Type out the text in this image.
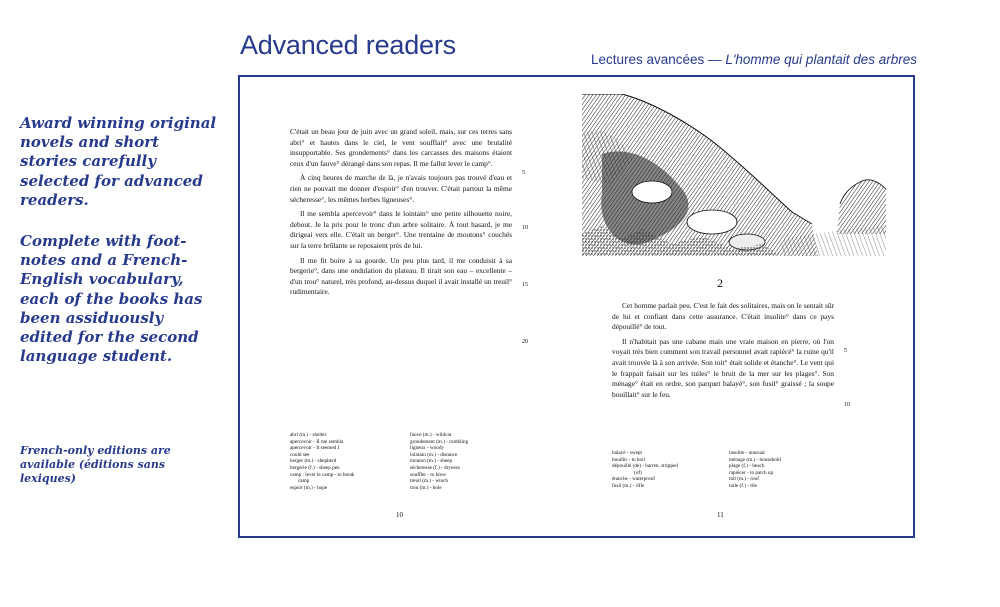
Advanced readers	Lectures avancées — L'homme qui plantait des arbres
Award winning original novels and short stories carefully selected for advanced readers.
Complete with foot-notes and a French-English vocabulary, each of the books has been assiduously edited for the second language student.
French-only editions are available (éditions sans lexiques)

C'était un beau jour de juin avec un grand soleil, mais, sur ces terres sans abri° et hautes dans le ciel, le vent soufflait° avec une brutalité insupportable. Ses grondements° dans les carcasses des maisons étaient ceux d'un fauve° dérangé dans son repas. Il me fallut lever le camp°.

À cinq heures de marche de là, je n'avais toujours pas trouvé d'eau et rien ne pouvait me donner d'espoir° d'en trouver. C'était partout la même sécheresse°, les mêmes herbes ligneuses°.

Il me sembla apercevoir° dans le lointain° une petite silhouette noire, debout. Je la pris pour le tronc d'un arbre solitaire. À tout hasard, je me dirigeai vers elle. C'était un berger°. Une trentaine de moutons° couchés sur la terre brûlante se reposaient près de lui.

Il me fit boire à sa gourde. Un peu plus tard, il me conduisit à sa bergerie°, dans une ondulation du plateau. Il tirait son eau – excellente – d'un trou° naturel, très profond, au-dessus duquel il avait installé un treuil° rudimentaire.

5
10
15
20
abri (m.) - shelter
apercevoir - II me sembla
apercevoir - It seemed I
could see
berger (m.) - shepherd
bergerie (f.) - sheep pen
camp : lever le camp - to break
camp
espoir (m.) - hope
fauve (m.) - wildcat
grondement (m.) - rumbling
ligneux - woody
lointain (m.) - distance
mouton (m.) - sheep
sécheresse (f.) - dryness
souffler - to blow
treuil (m.) - winch
trou (m.) - hole
10
2

Cet homme parlait peu. C'est le fait des solitaires, mais on le sentait sûr de lui et confiant dans cette assurance. C'était insolite° dans ce pays dépouillé° de tout.

Il n'habitait pas une cabane mais une vraie maison en pierre, où l'on voyait très bien comment son travail personnel avait rapiécé° la ruine qu'il avait trouvée là à son arrivée. Son toit° était solide et étanche°. Le vent qui le frappait faisait sur les tuiles° le bruit de la mer sur les plages°. Son ménage° était en ordre, son parquet balayé°, son fusil° graissé ; la soupe bouillait° sur le feu.

5
10
balayé - swept
bouillir - to boil
dépouillé (de) - barren, stripped
(of)
étanche - waterproof
fusil (m.) - rifle
insolite - unusual
ménage (m.) - household
plage (f.) - beach
rapiécer - to patch up
toit (m.) - roof
tuile (f.) - tile
11
